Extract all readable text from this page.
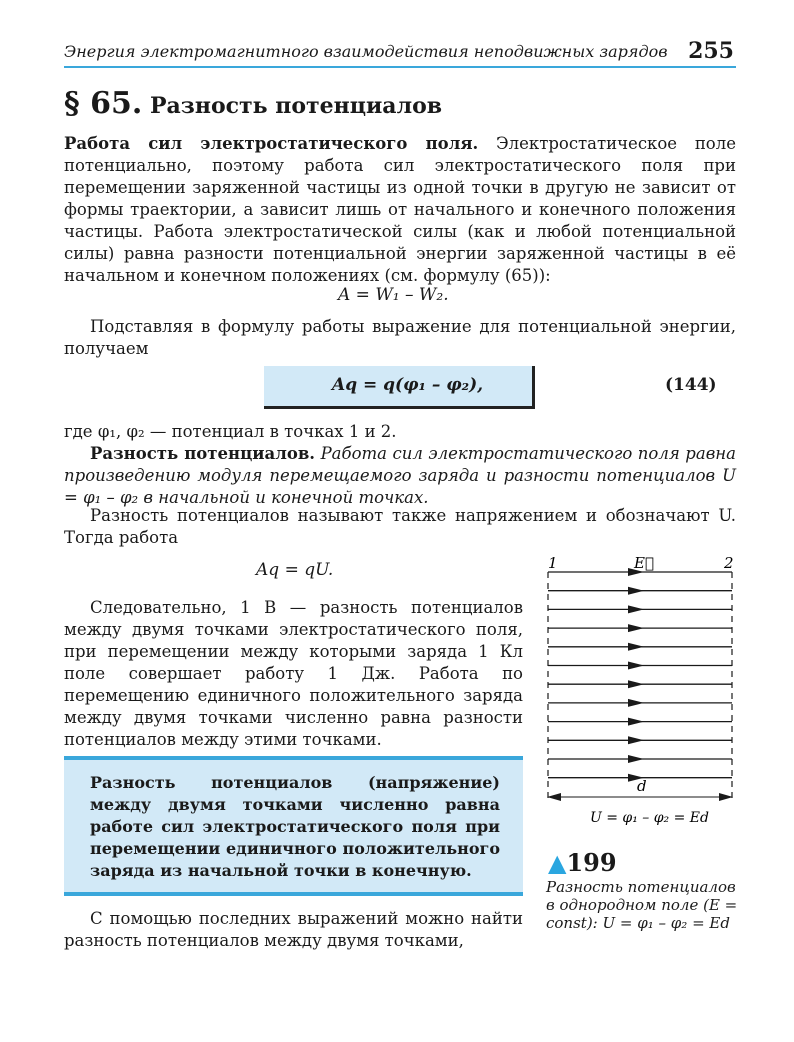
Энергия электромагнитного взаимодействия неподвижных зарядов 255
§ 65. Разность потенциалов

Работа сил электростатического поля. Электростатическое поле потенциально, поэтому работа сил электростатического поля при перемещении заряженной частицы из одной точки в другую не зависит от формы траектории, а зависит лишь от начального и конечного положения частицы. Работа электростатической силы (как и любой потенциальной силы) равна разности потенциальной энергии заряженной частицы в её начальном и конечном положениях (см. формулу (65)):

A = W₁ – W₂.

Подставляя в формулу работы выражение для потенциальной энергии, получаем

Aq = q(φ₁ – φ₂),	(144)

где φ₁, φ₂ — потенциал в точках 1 и 2.

Разность потенциалов. Работа сил электростатического поля равна произведению модуля перемещаемого заряда и разности потенциалов U = φ₁ – φ₂ в начальной и конечной точках.

Разность потенциалов называют также напряжением и обозначают U. Тогда работа

Aq = qU.

Следовательно, 1 В — разность потенциалов между двумя точками электростатического поля, при перемещении между которыми заряда 1 Кл поле совершает работу 1 Дж. Работа по перемещению единичного положительного заряда между двумя точками численно равна разности потенциалов между этими точками.

Разность потенциалов (напряжение) между двумя точками численно равна работе сил электростатического поля при перемещении единичного положительного заряда из начальной точки в конечную.

С помощью последних выражений можно найти разность потенциалов между двумя точками,

1	E⃗	2
d
U = φ₁ – φ₂ = Ed
▲199
Разность потенциалов в однородном поле (E = const): U = φ₁ – φ₂ = Ed
